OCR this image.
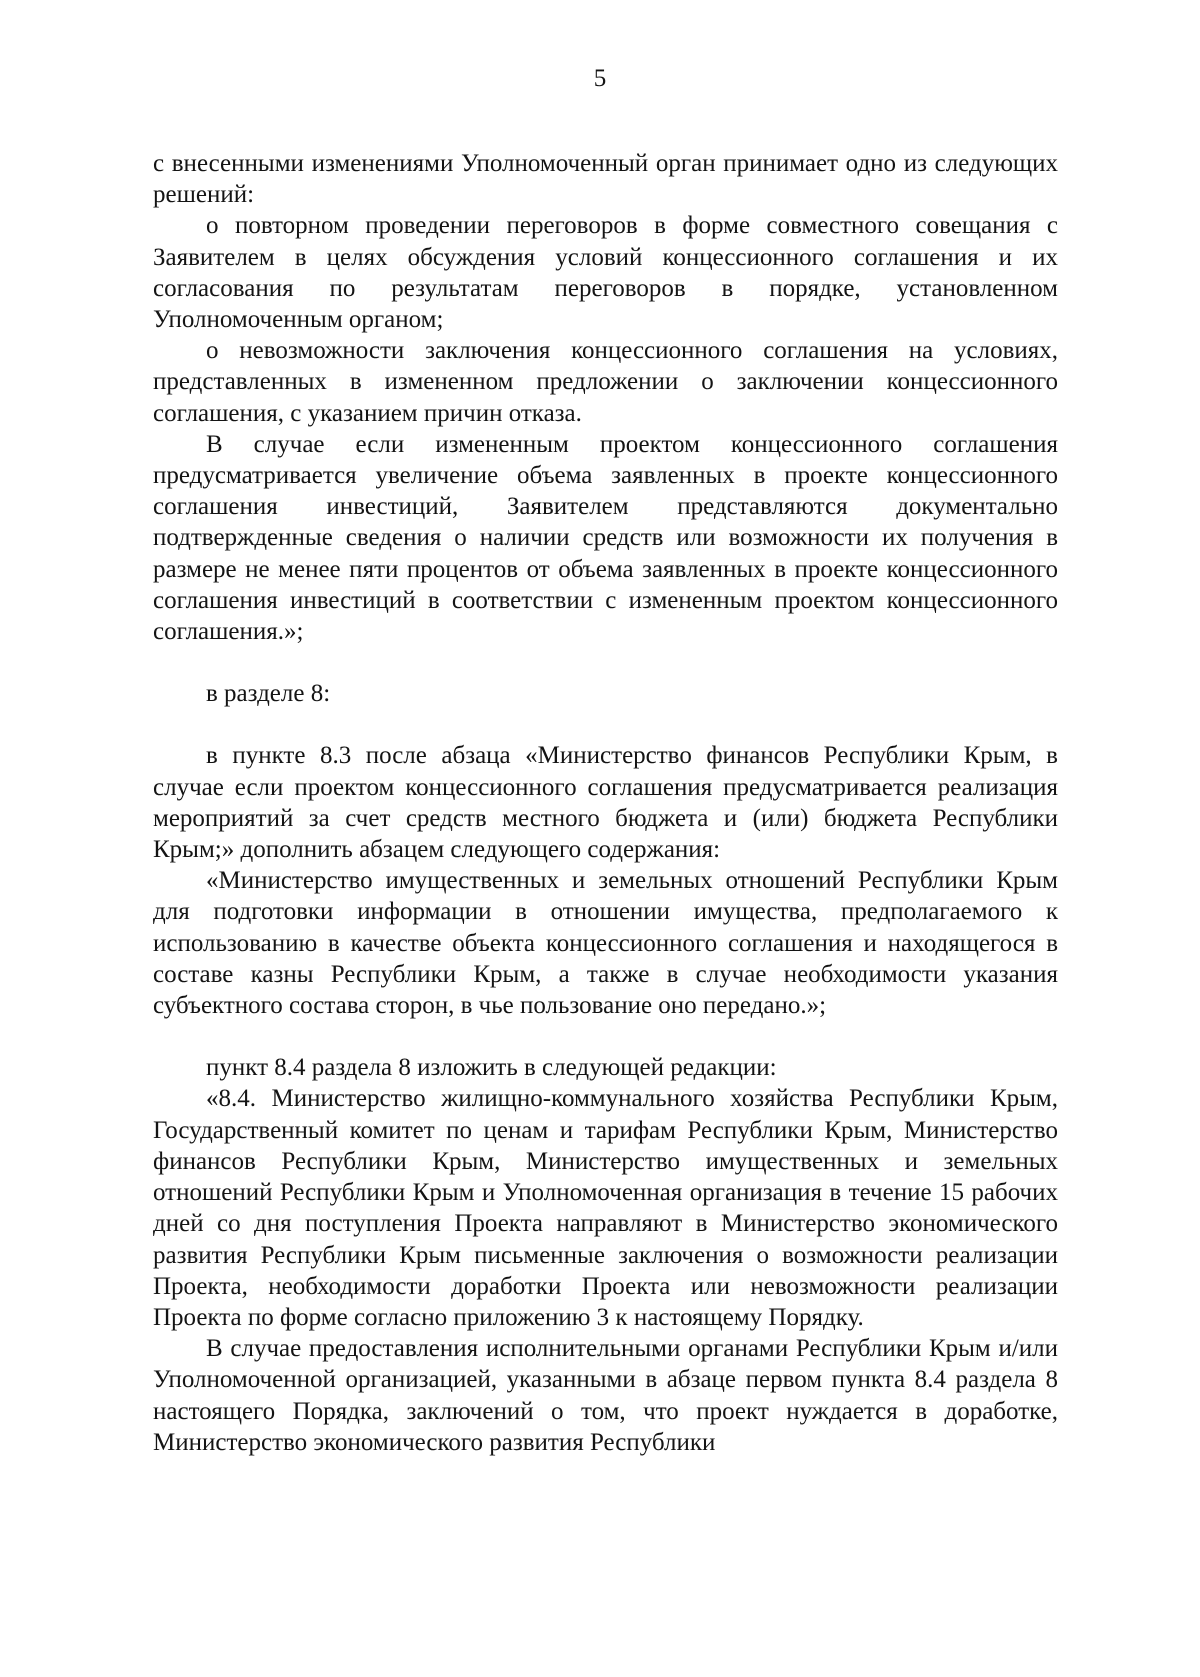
5

с внесенными изменениями Уполномоченный орган принимает одно из следующих решений:

о повторном проведении переговоров в форме совместного совещания с Заявителем в целях обсуждения условий концессионного соглашения и их согласования по результатам переговоров в порядке, установленном Уполномоченным органом;

о невозможности заключения концессионного соглашения на условиях, представленных в измененном предложении о заключении концессионного соглашения, с указанием причин отказа.

В случае если измененным проектом концессионного соглашения предусматривается увеличение объема заявленных в проекте концессионного соглашения инвестиций, Заявителем представляются документально подтвержденные сведения о наличии средств или возможности их получения в размере не менее пяти процентов от объема заявленных в проекте концессионного соглашения инвестиций в соответствии с измененным проектом концессионного соглашения.»;

в разделе 8:

в пункте 8.3 после абзаца «Министерство финансов Республики Крым, в случае если проектом концессионного соглашения предусматривается реализация мероприятий за счет средств местного бюджета и (или) бюджета Республики Крым;» дополнить абзацем следующего содержания:

«Министерство имущественных и земельных отношений Республики Крым для подготовки информации в отношении имущества, предполагаемого к использованию в качестве объекта концессионного соглашения и находящегося в составе казны Республики Крым, а также в случае необходимости указания субъектного состава сторон, в чье пользование оно передано.»;

пункт 8.4 раздела 8 изложить в следующей редакции:

«8.4. Министерство жилищно-коммунального хозяйства Республики Крым, Государственный комитет по ценам и тарифам Республики Крым, Министерство финансов Республики Крым, Министерство имущественных и земельных отношений Республики Крым и Уполномоченная организация в течение 15 рабочих дней со дня поступления Проекта направляют в Министерство экономического развития Республики Крым письменные заключения о возможности реализации Проекта, необходимости доработки Проекта или невозможности реализации Проекта по форме согласно приложению 3 к настоящему Порядку.

В случае предоставления исполнительными органами Республики Крым и/или Уполномоченной организацией, указанными в абзаце первом пункта 8.4 раздела 8 настоящего Порядка, заключений о том, что проект нуждается в доработке, Министерство экономического развития Республики
